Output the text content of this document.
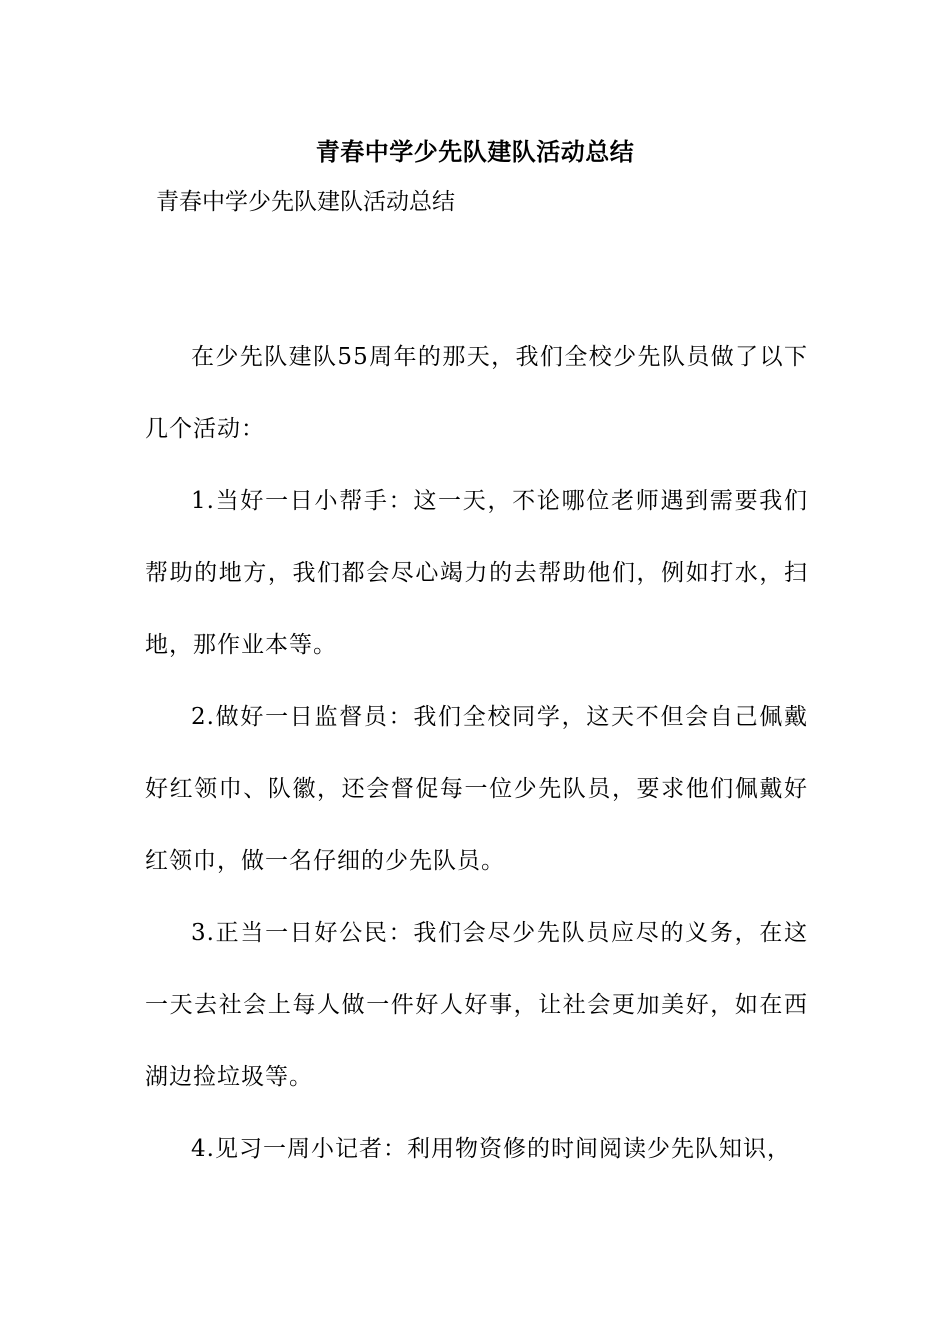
青春中学少先队建队活动总结

青春中学少先队建队活动总结

在少先队建队55周年的那天，我们全校少先队员做了以下几个活动：

1.当好一日小帮手：这一天，不论哪位老师遇到需要我们帮助的地方，我们都会尽心竭力的去帮助他们，例如打水，扫地，那作业本等。

2.做好一日监督员：我们全校同学，这天不但会自己佩戴好红领巾、队徽，还会督促每一位少先队员，要求他们佩戴好红领巾，做一名仔细的少先队员。

3.正当一日好公民：我们会尽少先队员应尽的义务，在这一天去社会上每人做一件好人好事，让社会更加美好，如在西湖边捡垃圾等。

4.见习一周小记者：利用物资修的时间阅读少先队知识，
